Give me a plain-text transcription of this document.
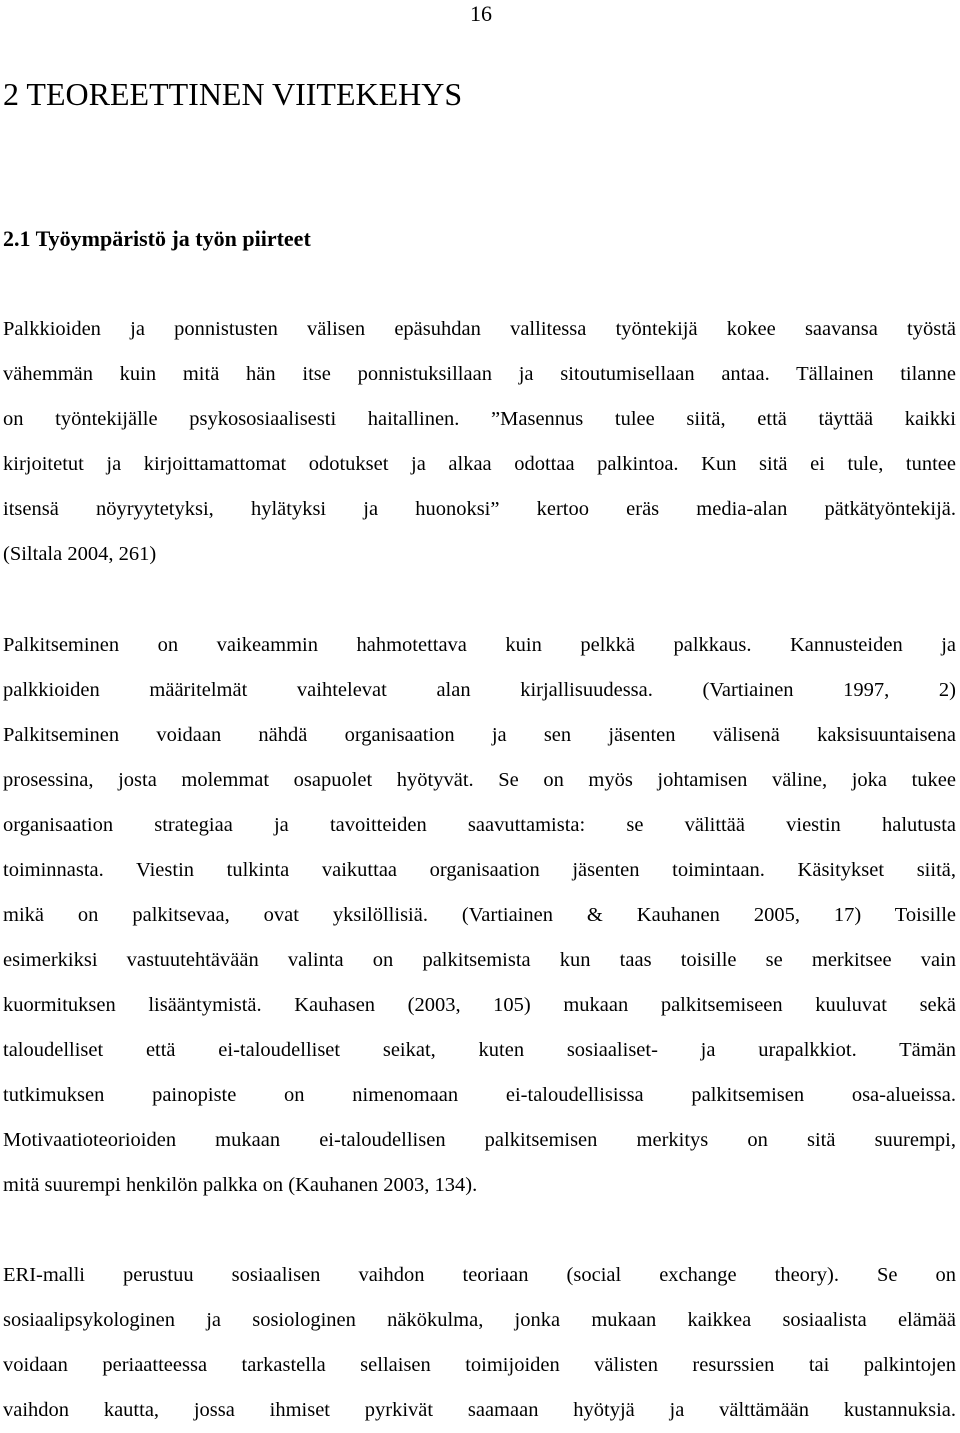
16
2 TEOREETTINEN VIITEKEHYS
2.1 Työympäristö ja työn piirteet
Palkkioiden ja ponnistusten välisen epäsuhdan vallitessa työntekijä kokee saavansa työstä
vähemmän kuin mitä hän itse ponnistuksillaan ja sitoutumisellaan antaa. Tällainen tilanne
on työntekijälle psykososiaalisesti haitallinen. ”Masennus tulee siitä, että täyttää kaikki
kirjoitetut ja kirjoittamattomat odotukset ja alkaa odottaa palkintoa. Kun sitä ei tule, tuntee
itsensä nöyryytetyksi, hylätyksi ja huonoksi” kertoo eräs media-alan pätkätyöntekijä.
(Siltala 2004, 261)
Palkitseminen on vaikeammin hahmotettava kuin pelkkä palkkaus. Kannusteiden ja
palkkioiden määritelmät vaihtelevat alan kirjallisuudessa. (Vartiainen 1997, 2)
Palkitseminen voidaan nähdä organisaation ja sen jäsenten välisenä kaksisuuntaisena
prosessina, josta molemmat osapuolet hyötyvät. Se on myös johtamisen väline, joka tukee
organisaation strategiaa ja tavoitteiden saavuttamista: se välittää viestin halutusta
toiminnasta. Viestin tulkinta vaikuttaa organisaation jäsenten toimintaan. Käsitykset siitä,
mikä on palkitsevaa, ovat yksilöllisiä. (Vartiainen & Kauhanen 2005, 17) Toisille
esimerkiksi vastuutehtävään valinta on palkitsemista kun taas toisille se merkitsee vain
kuormituksen lisääntymistä. Kauhasen (2003, 105) mukaan palkitsemiseen kuuluvat sekä
taloudelliset että ei-taloudelliset seikat, kuten sosiaaliset- ja urapalkkiot. Tämän
tutkimuksen painopiste on nimenomaan ei-taloudellisissa palkitsemisen osa-alueissa.
Motivaatioteorioiden mukaan ei-taloudellisen palkitsemisen merkitys on sitä suurempi,
mitä suurempi henkilön palkka on (Kauhanen 2003, 134).
ERI-malli perustuu sosiaalisen vaihdon teoriaan (social exchange theory). Se on
sosiaalipsykologinen ja sosiologinen näkökulma, jonka mukaan kaikkea sosiaalista elämää
voidaan periaatteessa tarkastella sellaisen toimijoiden välisten resurssien tai palkintojen
vaihdon kautta, jossa ihmiset pyrkivät saamaan hyötyjä ja välttämään kustannuksia.
